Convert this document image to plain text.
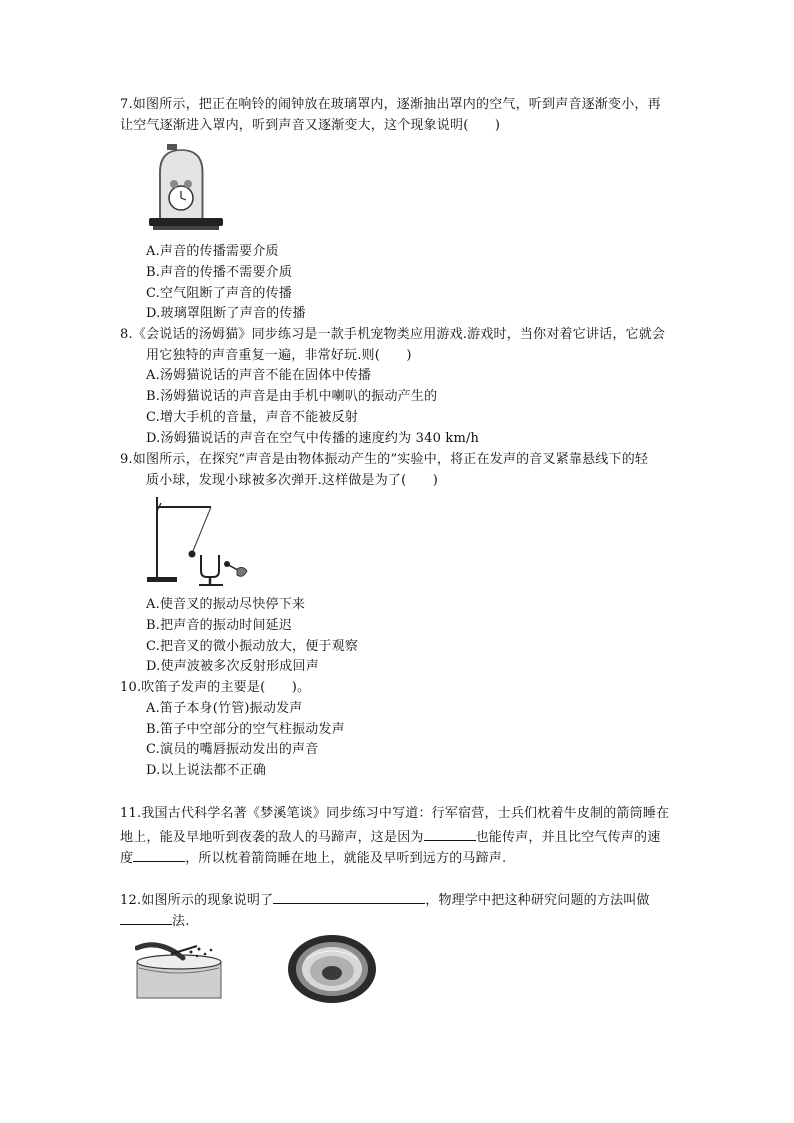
7.如图所示，把正在响铃的闹钟放在玻璃罩内，逐渐抽出罩内的空气，听到声音逐渐变小，再
让空气逐渐进入罩内，听到声音又逐渐变大，这个现象说明(　　)
A.声音的传播需要介质
B.声音的传播不需要介质
C.空气阻断了声音的传播
D.玻璃罩阻断了声音的传播
8.《会说话的汤姆猫》同步练习是一款手机宠物类应用游戏.游戏时，当你对着它讲话，它就会
用它独特的声音重复一遍，非常好玩.则(　　)
A.汤姆猫说话的声音不能在固体中传播
B.汤姆猫说话的声音是由手机中喇叭的振动产生的
C.增大手机的音量，声音不能被反射
D.汤姆猫说话的声音在空气中传播的速度约为 340 km/h
9.如图所示，在探究“声音是由物体振动产生的”实验中，将正在发声的音叉紧靠悬线下的轻
质小球，发现小球被多次弹开.这样做是为了(　　)
A.使音叉的振动尽快停下来
B.把声音的振动时间延迟
C.把音叉的微小振动放大，便于观察
D.使声波被多次反射形成回声
10.吹笛子发声的主要是(　　)。
A.笛子本身(竹管)振动发声
B.笛子中空部分的空气柱振动发声
C.演员的嘴唇振动发出的声音
D.以上说法都不正确
11.我国古代科学名著《梦溪笔谈》同步练习中写道：行军宿营，士兵们枕着牛皮制的箭筒睡在
地上，能及早地听到夜袭的敌人的马蹄声，这是因为	也能传声，并且比空气传声的速
度	，所以枕着箭筒睡在地上，就能及早听到远方的马蹄声.
12.如图所示的现象说明了	，物理学中把这种研究问题的方法叫做
法.
